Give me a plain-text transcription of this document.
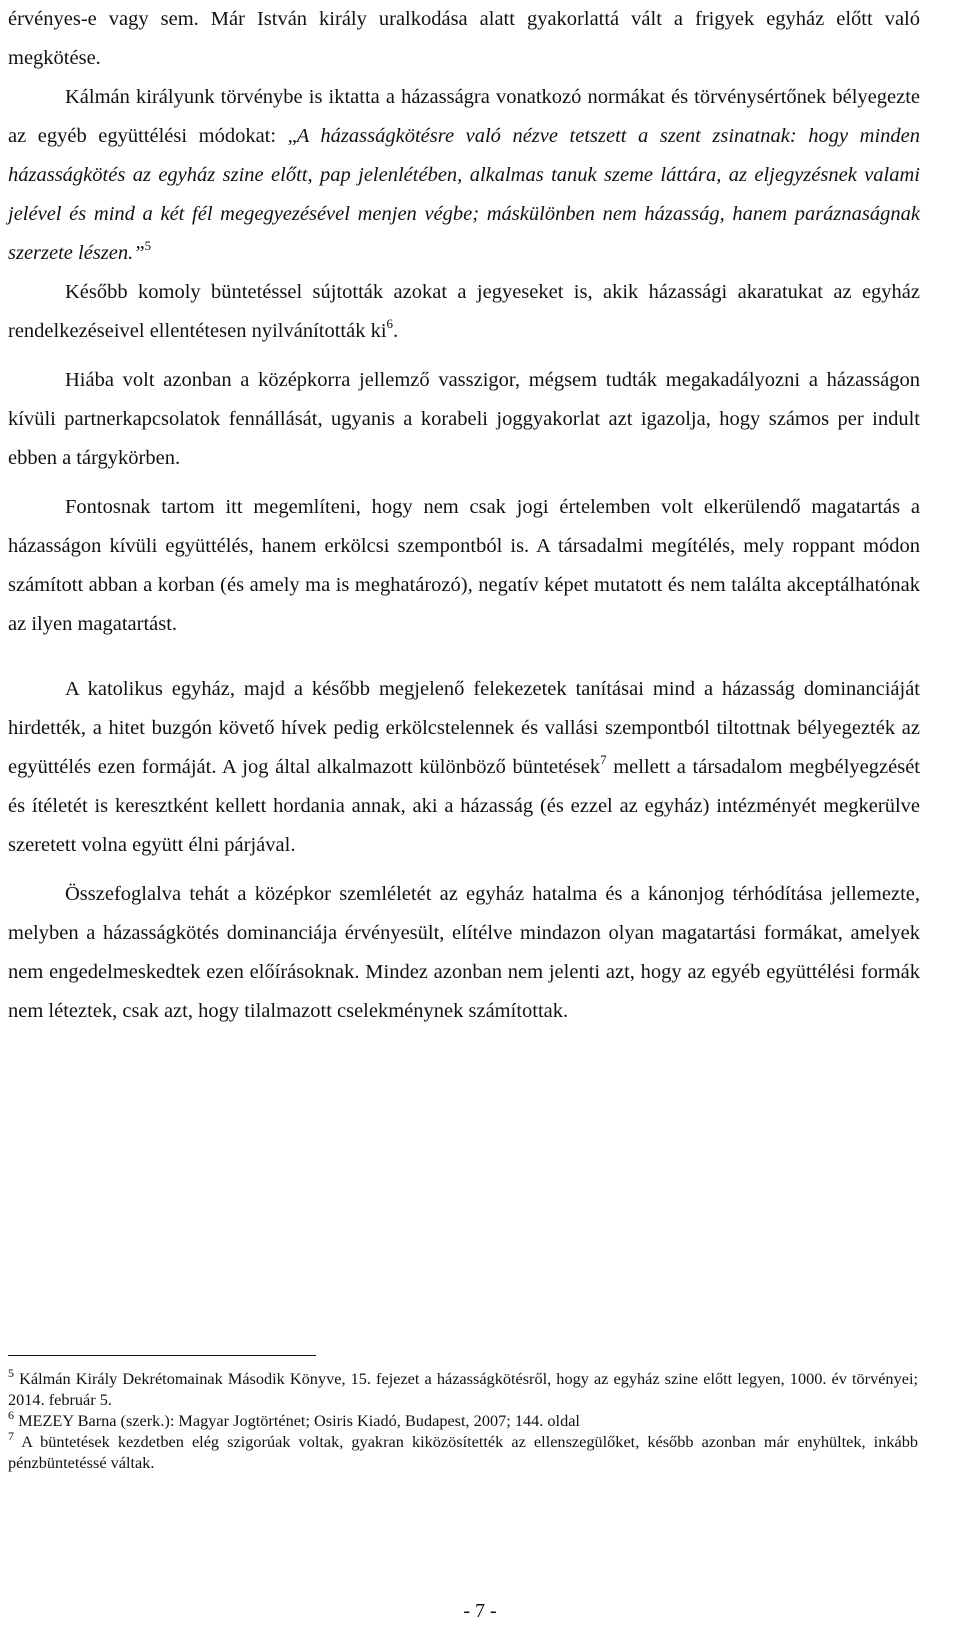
érvényes-e vagy sem. Már István király uralkodása alatt gyakorlattá vált a frigyek egyház előtt való megkötése.

Kálmán királyunk törvénybe is iktatta a házasságra vonatkozó normákat és törvénysértőnek bélyegezte az egyéb együttélési módokat: „A házasságkötésre való nézve tetszett a szent zsinatnak: hogy minden házasságkötés az egyház szine előtt, pap jelenlétében, alkalmas tanuk szeme láttára, az eljegyzésnek valami jelével és mind a két fél megegyezésével menjen végbe; máskülönben nem házasság, hanem paráznaságnak szerzete lészen.”$^5$

Később komoly büntetéssel sújtották azokat a jegyeseket is, akik házassági akaratukat az egyház rendelkezéseivel ellentétesen nyilvánították $ki^6$.

Hiába volt azonban a középkorra jellemző vasszigor, mégsem tudták megakadályozni a házasságon kívüli partnerkapcsolatok fennállását, ugyanis a korabeli joggyakorlat azt igazolja, hogy számos per indult ebben a tárgykörben.

Fontosnak tartom itt megemlíteni, hogy nem csak jogi értelemben volt elkerülendő magatartás a házasságon kívüli együttélés, hanem erkölcsi szempontból is. A társadalmi megítélés, mely roppant módon számított abban a korban (és amely ma is meghatározó), negatív képet mutatott és nem találta akceptálhatónak az ilyen magatartást.

A katolikus egyház, majd a később megjelenő felekezetek tanításai mind a házasság dominanciáját hirdették, a hitet buzgón követő hívek pedig erkölcstelennek és vallási szempontból tiltottnak bélyegezték az együttélés ezen formáját. A jog által alkalmazott különböző büntetések$^7$ mellett a társadalom megbélyegzését és ítéletét is keresztként kellett hordania annak, aki a házasság (és ezzel az egyház) intézményét megkerülve szeretett volna együtt élni párjával.

Összefoglalva tehát a középkor szemléletét az egyház hatalma és a kánonjog térhódítása jellemezte, melyben a házasságkötés dominanciája érvényesült, elítélve mindazon olyan magatartási formákat, amelyek nem engedelmeskedtek ezen előírásoknak. Mindez azonban nem jelenti azt, hogy az egyéb együttélési formák nem léteztek, csak azt, hogy tilalmazott cselekménynek számítottak.

$^5$ Kálmán Király Dekrétomainak Második Könyve, 15. fejezet a házasságkötésről, hogy az egyház szine előtt legyen, 1000. év törvényei; 2014. február 5.

$^6$ MEZEY Barna (szerk.): Magyar Jogtörténet; Osiris Kiadó, Budapest, 2007; 144. oldal

$^7$ A büntetések kezdetben elég szigorúak voltak, gyakran kiközösítették az ellenszegülőket, később azonban már enyhültek, inkább pénzbüntetéssé váltak.

- 7 -
